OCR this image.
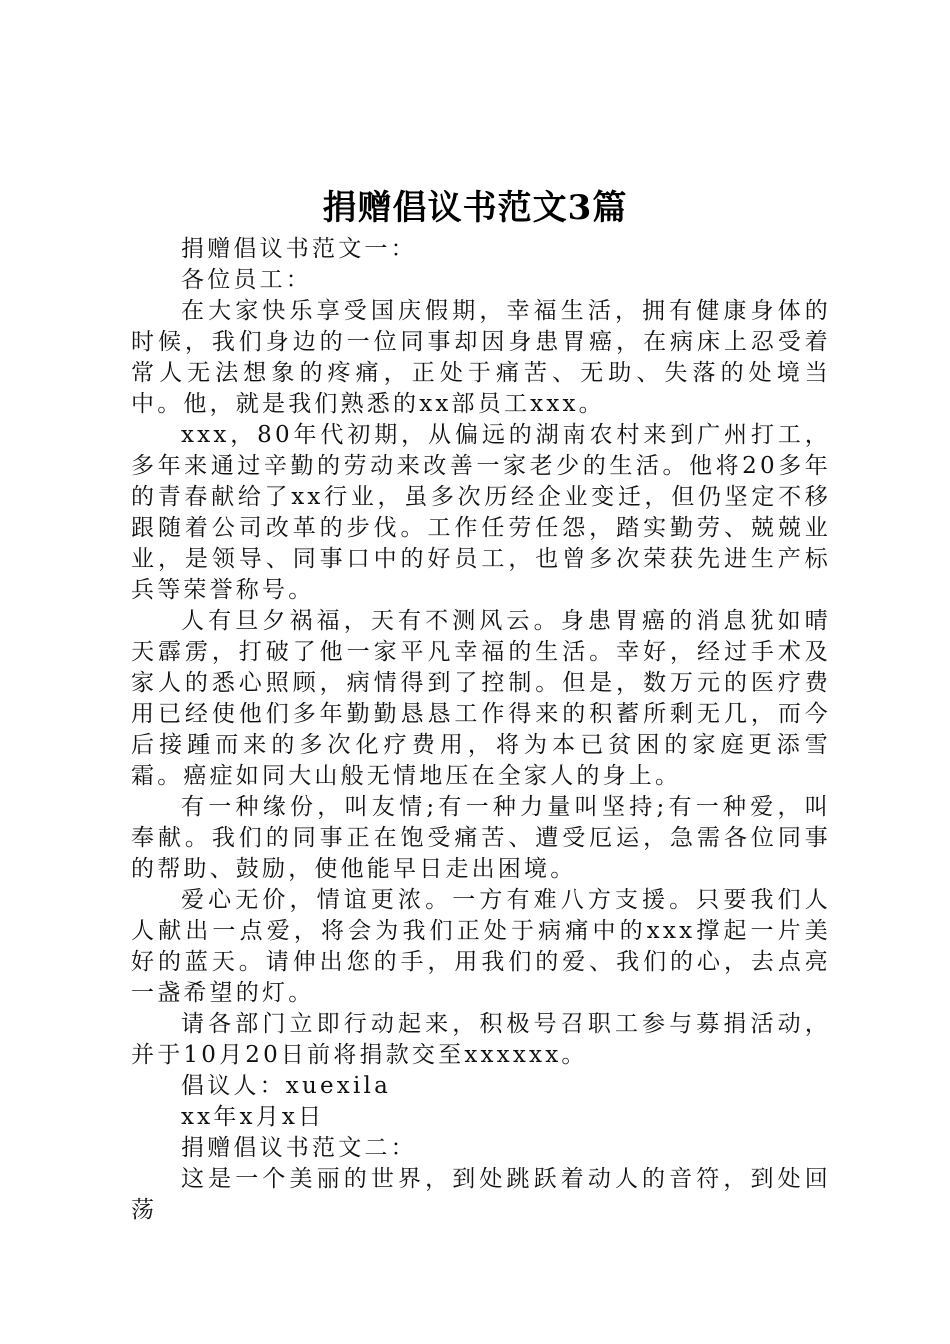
捐赠倡议书范文3篇

捐赠倡议书范文一：

各位员工：

在大家快乐享受国庆假期，幸福生活，拥有健康身体的时候，我们身边的一位同事却因身患胃癌，在病床上忍受着常人无法想象的疼痛，正处于痛苦、无助、失落的处境当中。他，就是我们熟悉的xx部员工xxx。

xxx，80年代初期，从偏远的湖南农村来到广州打工，多年来通过辛勤的劳动来改善一家老少的生活。他将20多年的青春献给了xx行业，虽多次历经企业变迁，但仍坚定不移跟随着公司改革的步伐。工作任劳任怨，踏实勤劳、兢兢业业，是领导、同事口中的好员工，也曾多次荣获先进生产标兵等荣誉称号。

人有旦夕祸福，天有不测风云。身患胃癌的消息犹如晴天霹雳，打破了他一家平凡幸福的生活。幸好，经过手术及家人的悉心照顾，病情得到了控制。但是，数万元的医疗费用已经使他们多年勤勤恳恳工作得来的积蓄所剩无几，而今后接踵而来的多次化疗费用，将为本已贫困的家庭更添雪霜。癌症如同大山般无情地压在全家人的身上。

有一种缘份，叫友情;有一种力量叫坚持;有一种爱，叫奉献。我们的同事正在饱受痛苦、遭受厄运，急需各位同事的帮助、鼓励，使他能早日走出困境。

爱心无价，情谊更浓。一方有难八方支援。只要我们人人献出一点爱，将会为我们正处于病痛中的xxx撑起一片美好的蓝天。请伸出您的手，用我们的爱、我们的心，去点亮一盏希望的灯。

请各部门立即行动起来，积极号召职工参与募捐活动，并于10月20日前将捐款交至xxxxxx。

倡议人：xuexila

xx年x月x日

捐赠倡议书范文二：

这是一个美丽的世界，到处跳跃着动人的音符，到处回荡
